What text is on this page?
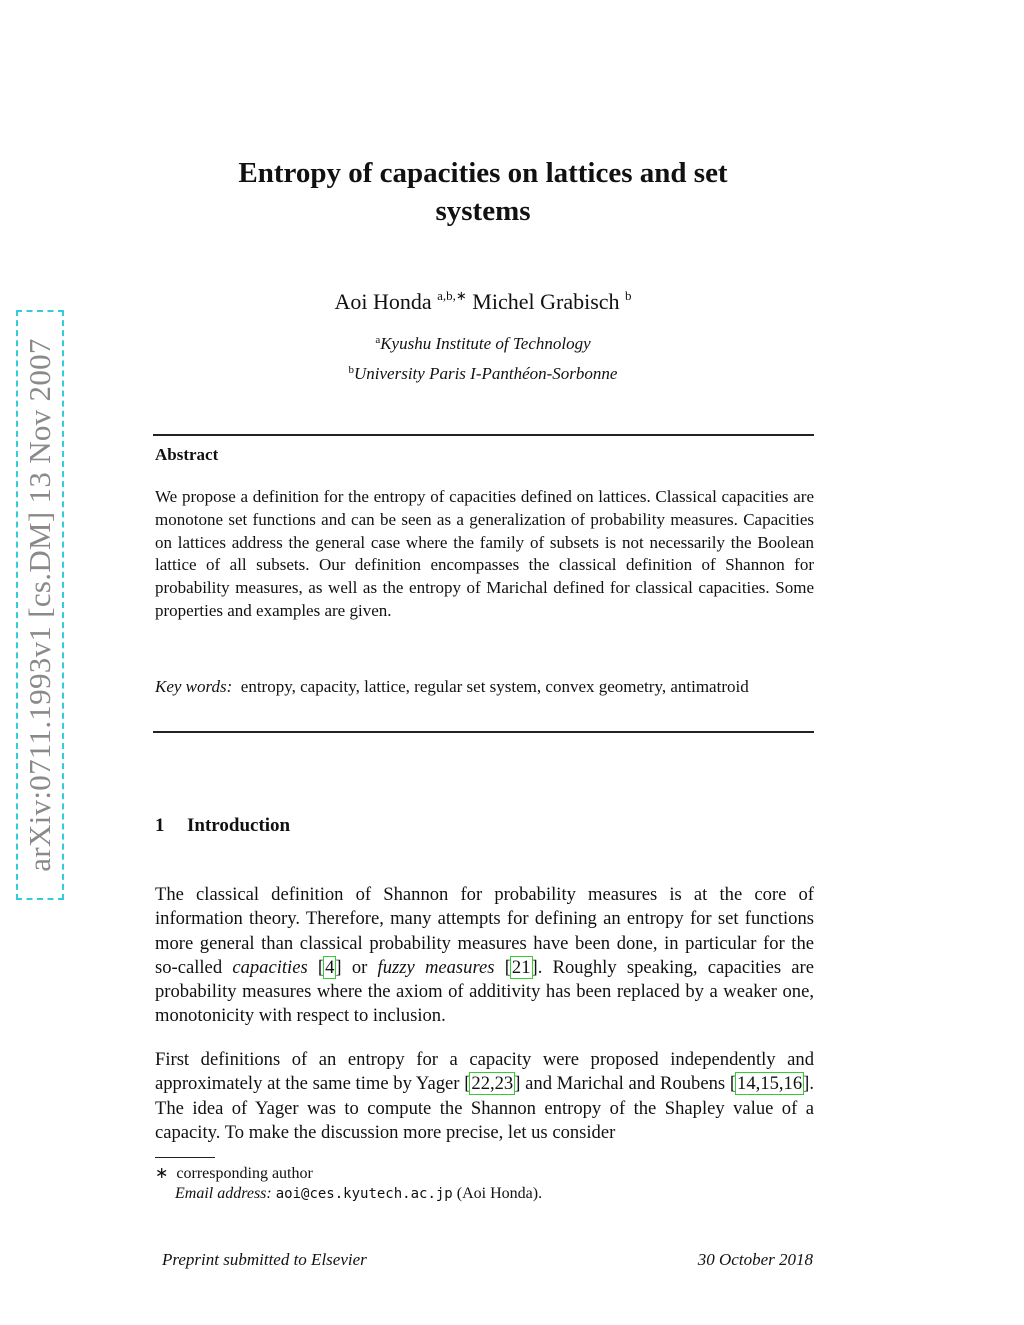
arXiv:0711.1993v1 [cs.DM] 13 Nov 2007
Entropy of capacities on lattices and set
systems
Aoi Honda $^{a,b,∗}$ Michel Grabisch $^b$
$^a$Kyushu Institute of Technology
$^b$University Paris I-Panthéon-Sorbonne
Abstract
We propose a definition for the entropy of capacities defined on lattices. Classical capacities are monotone set functions and can be seen as a generalization of probability measures. Capacities on lattices address the general case where the family of subsets is not necessarily the Boolean lattice of all subsets. Our definition encompasses the classical definition of Shannon for probability measures, as well as the entropy of Marichal defined for classical capacities. Some properties and examples are given.
Key words: entropy, capacity, lattice, regular set system, convex geometry, antimatroid
1 Introduction
The classical definition of Shannon for probability measures is at the core of information theory. Therefore, many attempts for defining an entropy for set functions more general than classical probability measures have been done, in particular for the so-called capacities [4] or fuzzy measures [21]. Roughly speaking, capacities are probability measures where the axiom of additivity has been replaced by a weaker one, monotonicity with respect to inclusion.
First definitions of an entropy for a capacity were proposed independently and approximately at the same time by Yager [22,23] and Marichal and Roubens [14,15,16]. The idea of Yager was to compute the Shannon entropy of the Shapley value of a capacity. To make the discussion more precise, let us consider
∗ corresponding author
Email address: aoi@ces.kyutech.ac.jp (Aoi Honda).
Preprint submitted to Elsevier	30 October 2018
